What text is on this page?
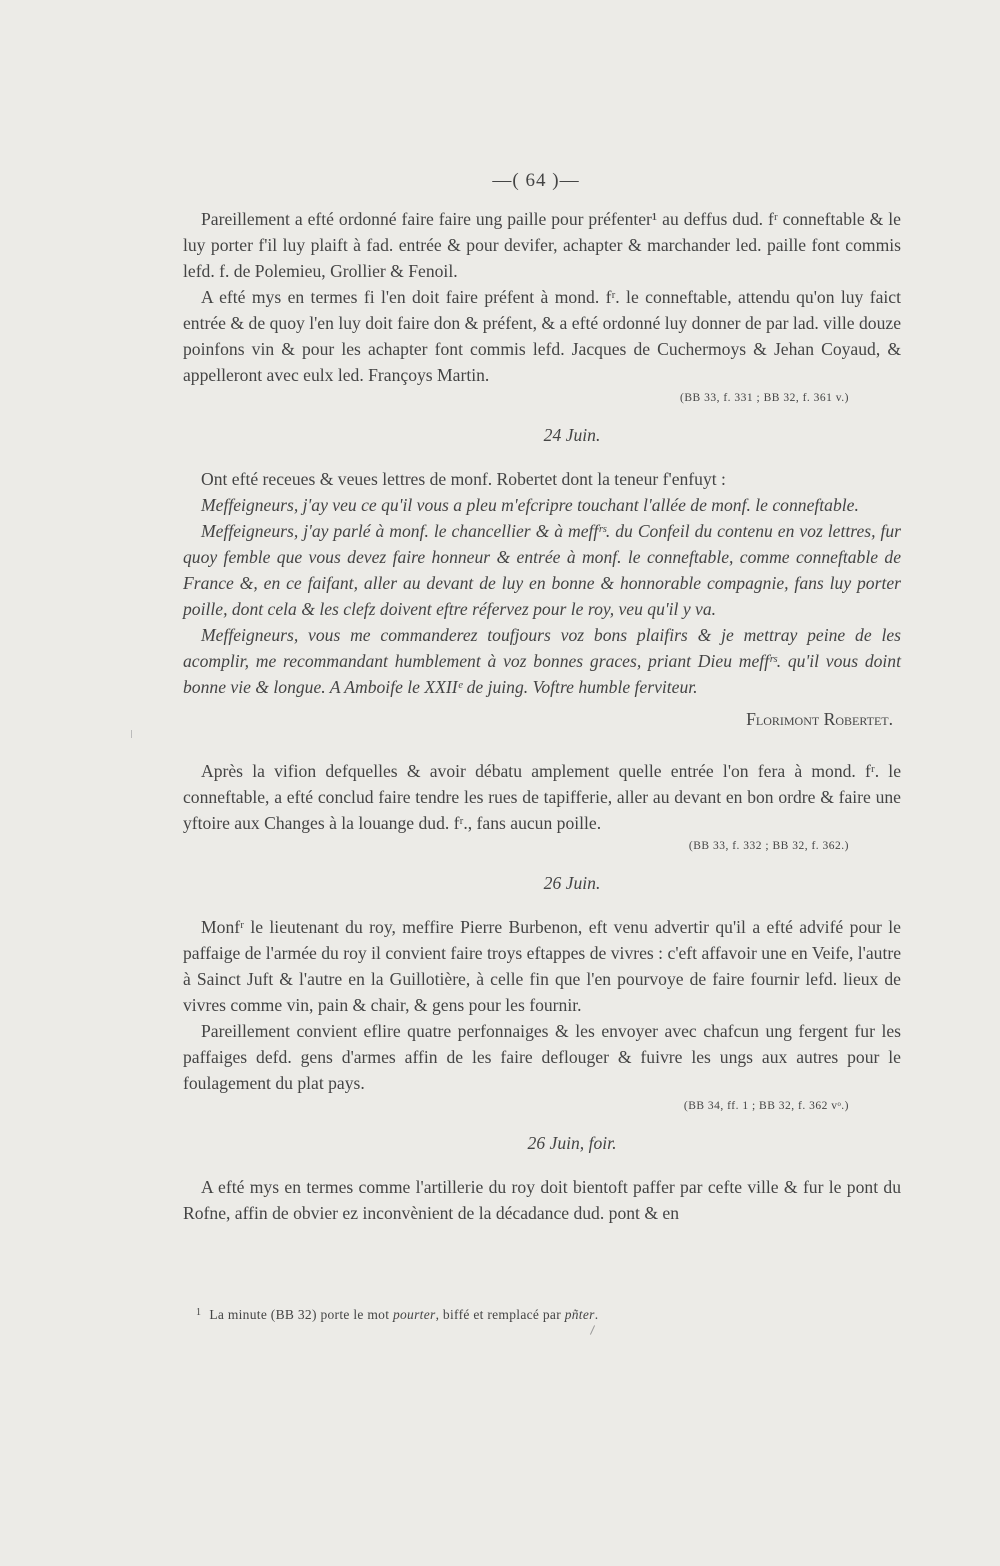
—( 64 )—

Pareillement a efté ordonné faire faire ung paille pour préfenter¹ au deffus dud. fʳ conneftable & le luy porter f'il luy plaift à fad. entrée & pour devifer, achapter & marchander led. paille font commis lefd. f. de Polemieu, Grollier & Fenoil.

A efté mys en termes fi l'en doit faire préfent à mond. fʳ. le conneftable, attendu qu'on luy faict entrée & de quoy l'en luy doit faire don & préfent, & a efté ordonné luy donner de par lad. ville douze poinfons vin & pour les achapter font commis lefd. Jacques de Cuchermoys & Jehan Coyaud, & appelleront avec eulx led. Françoys Martin.

(BB 33, f. 331 ; BB 32, f. 361 v.)

24 Juin.

Ont efté receues & veues lettres de monf. Robertet dont la teneur f'enfuyt :

Meffeigneurs, j'ay veu ce qu'il vous a pleu m'efcripre touchant l'allée de monf. le conneftable.

Meffeigneurs, j'ay parlé à monf. le chancellier & à meffʳˢ. du Confeil du contenu en voz lettres, fur quoy femble que vous devez faire honneur & entrée à monf. le conneftable, comme conneftable de France &, en ce faifant, aller au devant de luy en bonne & honnorable compagnie, fans luy porter poille, dont cela & les clefz doivent eftre réfervez pour le roy, veu qu'il y va.

Meffeigneurs, vous me commanderez toufjours voz bons plaifirs & je mettray peine de les acomplir, me recommandant humblement à voz bonnes graces, priant Dieu meffʳˢ. qu'il vous doint bonne vie & longue. A Amboife le XXIIᵉ de juing. Voftre humble ferviteur.

Florimont Robertet.

Après la vifion defquelles & avoir débatu amplement quelle entrée l'on fera à mond. fʳ. le conneftable, a efté conclud faire tendre les rues de tapifferie, aller au devant en bon ordre & faire une yftoire aux Changes à la louange dud. fʳ., fans aucun poille.

(BB 33, f. 332 ; BB 32, f. 362.)

26 Juin.

Monfʳ le lieutenant du roy, meffire Pierre Burbenon, eft venu advertir qu'il a efté advifé pour le paffaige de l'armée du roy il convient faire troys eftappes de vivres : c'eft affavoir une en Veife, l'autre à Sainct Juft & l'autre en la Guillotière, à celle fin que l'en pourvoye de faire fournir lefd. lieux de vivres comme vin, pain & chair, & gens pour les fournir.

Pareillement convient eflire quatre perfonnaiges & les envoyer avec chafcun ung fergent fur les paffaiges defd. gens d'armes affin de les faire deflouger & fuivre les ungs aux autres pour le foulagement du plat pays.

(BB 34, ff. 1 ; BB 32, f. 362 vᵒ.)

26 Juin, foir.

A efté mys en termes comme l'artillerie du roy doit bientoft paffer par cefte ville & fur le pont du Rofne, affin de obvier ez inconvènient de la décadance dud. pont & en

$^1$ La minute (BB 32) porte le mot pourter, biffé et remplacé par pñter.
